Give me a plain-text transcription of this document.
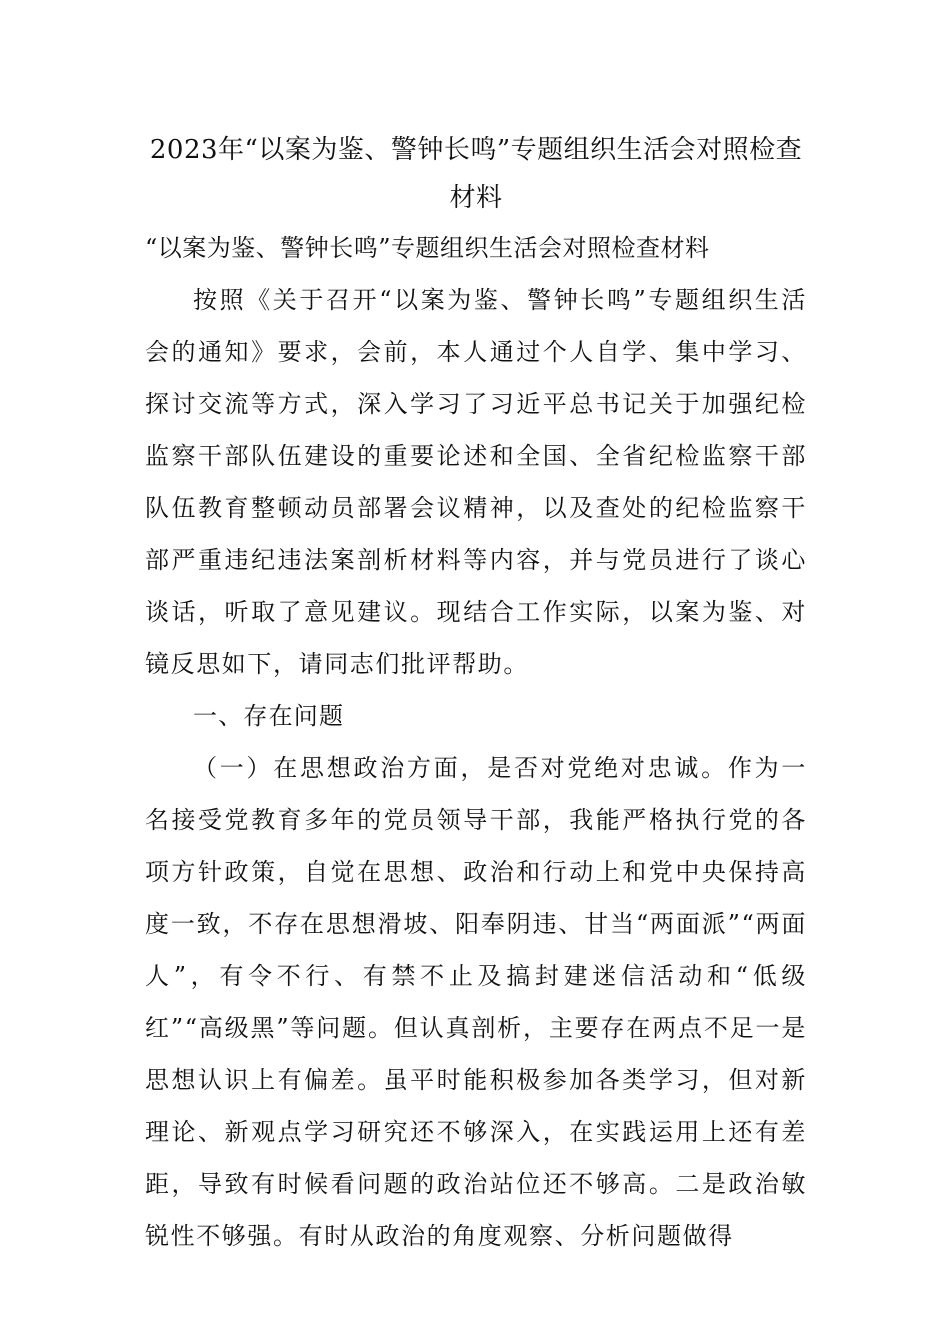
2023年“以案为鉴、警钟长鸣”专题组织生活会对照检查材料

“以案为鉴、警钟长鸣”专题组织生活会对照检查材料

按照《关于召开“以案为鉴、警钟长鸣”专题组织生活会的通知》要求，会前，本人通过个人自学、集中学习、探讨交流等方式，深入学习了习近平总书记关于加强纪检监察干部队伍建设的重要论述和全国、全省纪检监察干部队伍教育整顿动员部署会议精神，以及查处的纪检监察干部严重违纪违法案剖析材料等内容，并与党员进行了谈心谈话，听取了意见建议。现结合工作实际，以案为鉴、对镜反思如下，请同志们批评帮助。

一、存在问题

（一）在思想政治方面，是否对党绝对忠诚。作为一名接受党教育多年的党员领导干部，我能严格执行党的各项方针政策，自觉在思想、政治和行动上和党中央保持高度一致，不存在思想滑坡、阳奉阴违、甘当“两面派”“两面人”，有令不行、有禁不止及搞封建迷信活动和“低级红”“高级黑”等问题。但认真剖析，主要存在两点不足一是思想认识上有偏差。虽平时能积极参加各类学习，但对新理论、新观点学习研究还不够深入，在实践运用上还有差距，导致有时候看问题的政治站位还不够高。二是政治敏锐性不够强。有时从政治的角度观察、分析问题做得
